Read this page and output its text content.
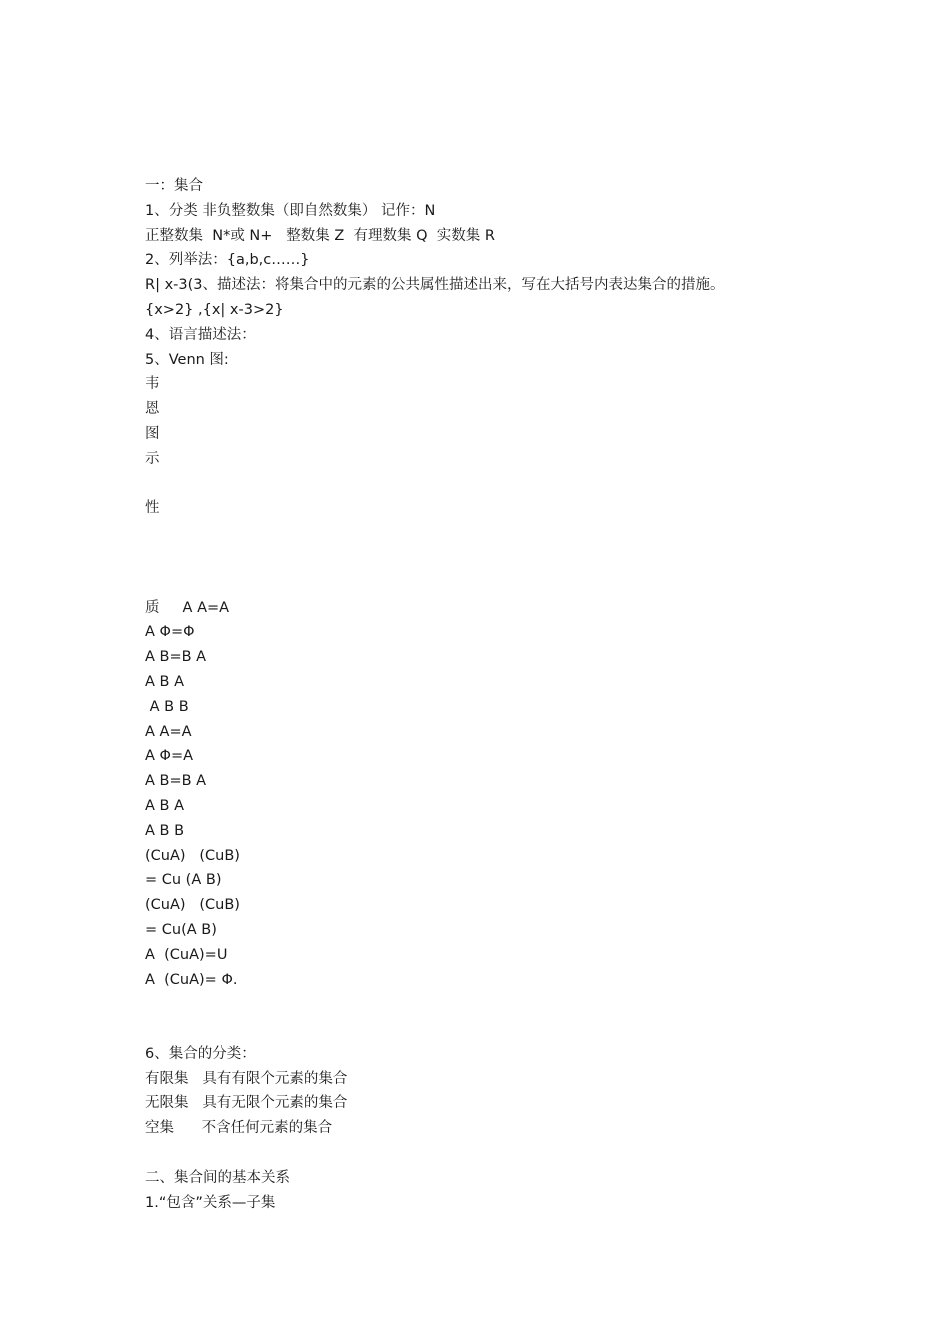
一：集合
1、分类 非负整数集（即自然数集） 记作：N
正整数集  N*或 N+   整数集 Z  有理数集 Q  实数集 R
2、列举法：{a,b,c……}
R| x-3(3、描述法：将集合中的元素的公共属性描述出来，写在大括号内表达集合的措施。
{x>2} ,{x| x-3>2}
4、语言描述法：
5、Venn 图:
韦
恩
图
示
性
质     A A=A
A Φ=Φ
A B=B A
A B A
A B B
A A=A
A Φ=A
A B=B A
A B A
A B B
(CuA)   (CuB)
= Cu (A B)
(CuA)   (CuB)
= Cu(A B)
A  (CuA)=U
A  (CuA)= Φ.
6、集合的分类：
有限集   具有有限个元素的集合
无限集   具有无限个元素的集合
空集      不含任何元素的集合
二、集合间的基本关系
1.“包含”关系—子集
